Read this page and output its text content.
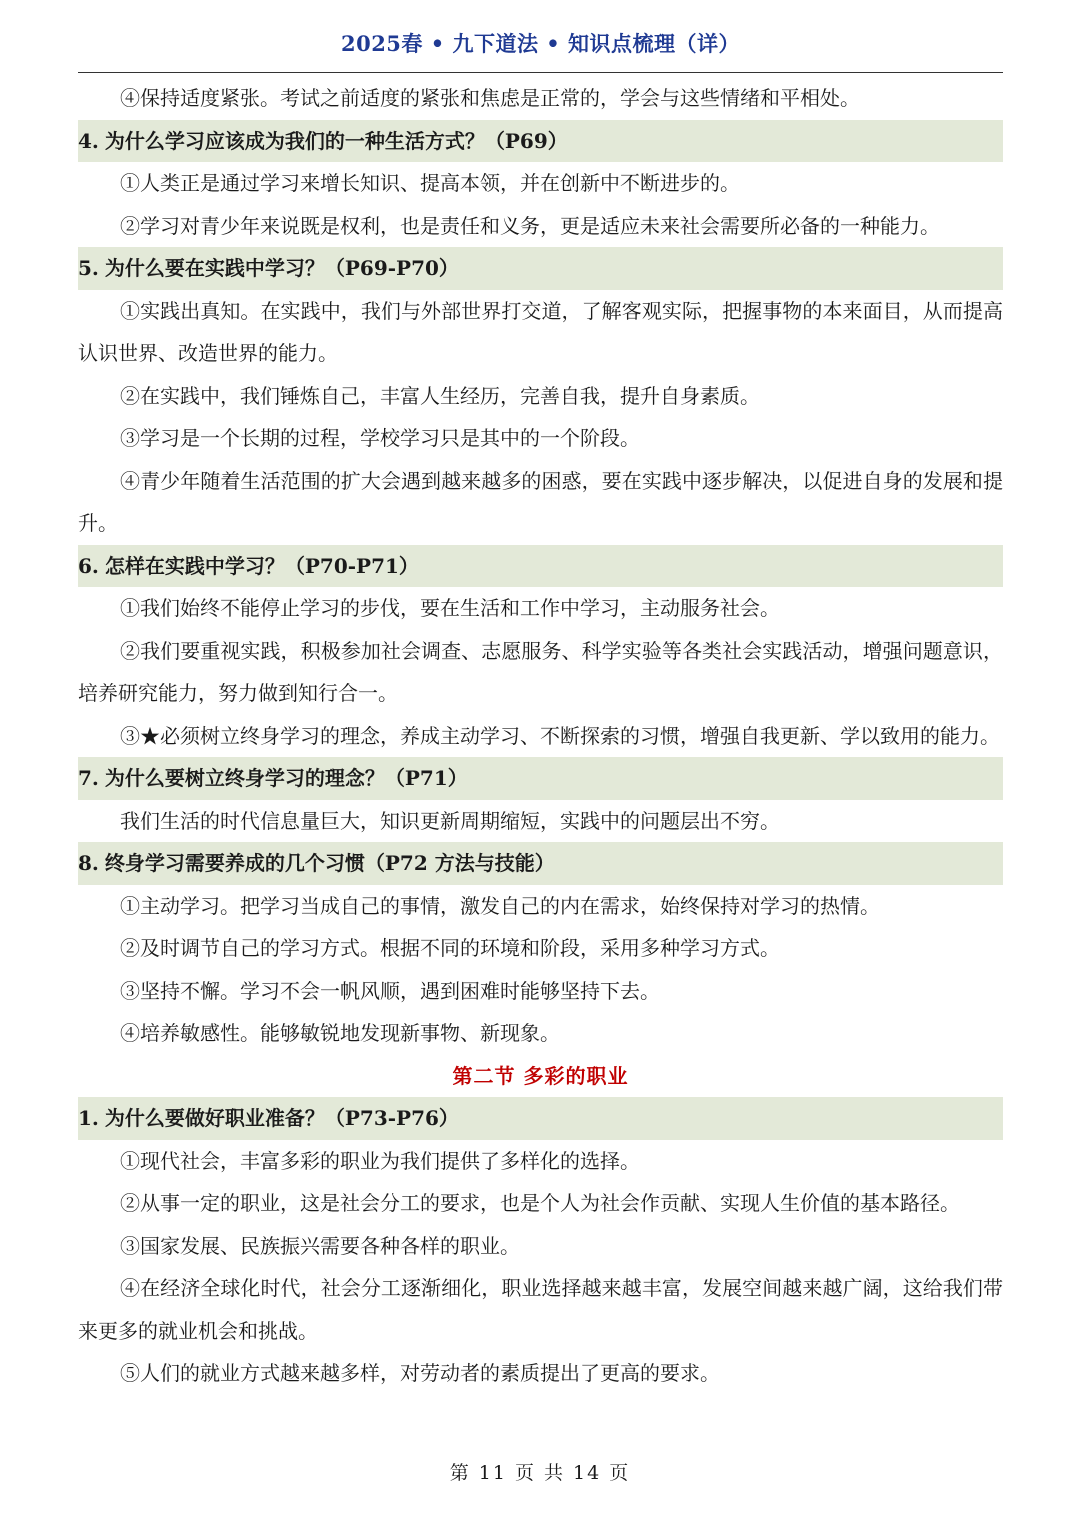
2025春 • 九下道法 • 知识点梳理（详）

④保持适度紧张。考试之前适度的紧张和焦虑是正常的，学会与这些情绪和平相处。

4. 为什么学习应该成为我们的一种生活方式？（P69）

①人类正是通过学习来增长知识、提高本领，并在创新中不断进步的。

②学习对青少年来说既是权利，也是责任和义务，更是适应未来社会需要所必备的一种能力。

5. 为什么要在实践中学习？（P69-P70）

①实践出真知。在实践中，我们与外部世界打交道，了解客观实际，把握事物的本来面目，从而提高认识世界、改造世界的能力。

②在实践中，我们锤炼自己，丰富人生经历，完善自我，提升自身素质。

③学习是一个长期的过程，学校学习只是其中的一个阶段。

④青少年随着生活范围的扩大会遇到越来越多的困惑，要在实践中逐步解决，以促进自身的发展和提升。

6. 怎样在实践中学习？（P70-P71）

①我们始终不能停止学习的步伐，要在生活和工作中学习，主动服务社会。

②我们要重视实践，积极参加社会调查、志愿服务、科学实验等各类社会实践活动，增强问题意识，培养研究能力，努力做到知行合一。

③★必须树立终身学习的理念，养成主动学习、不断探索的习惯，增强自我更新、学以致用的能力。

7. 为什么要树立终身学习的理念？（P71）

我们生活的时代信息量巨大，知识更新周期缩短，实践中的问题层出不穷。

8. 终身学习需要养成的几个习惯（P72 方法与技能）

①主动学习。把学习当成自己的事情，激发自己的内在需求，始终保持对学习的热情。

②及时调节自己的学习方式。根据不同的环境和阶段，采用多种学习方式。

③坚持不懈。学习不会一帆风顺，遇到困难时能够坚持下去。

④培养敏感性。能够敏锐地发现新事物、新现象。

第二节 多彩的职业
1. 为什么要做好职业准备？（P73-P76）

①现代社会，丰富多彩的职业为我们提供了多样化的选择。

②从事一定的职业，这是社会分工的要求，也是个人为社会作贡献、实现人生价值的基本路径。

③国家发展、民族振兴需要各种各样的职业。

④在经济全球化时代，社会分工逐渐细化，职业选择越来越丰富，发展空间越来越广阔，这给我们带来更多的就业机会和挑战。

⑤人们的就业方式越来越多样，对劳动者的素质提出了更高的要求。

第 11 页 共 14 页
